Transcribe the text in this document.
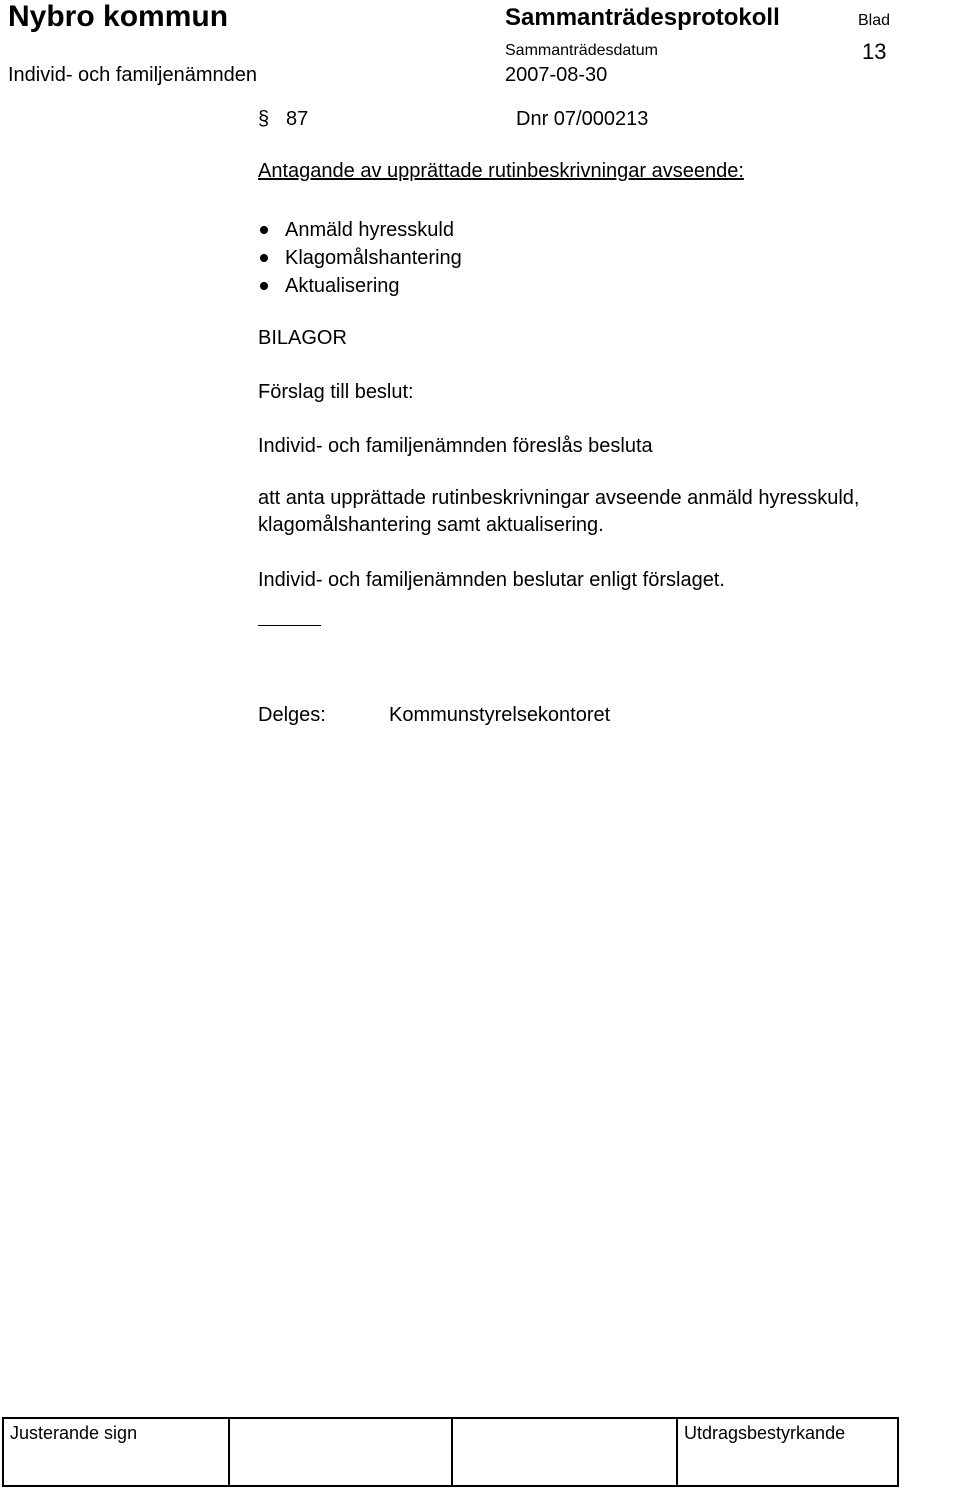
Nybro kommun	Sammanträdesprotokoll	Blad
13
Sammanträdesdatum
Individ- och familjenämnden	2007-08-30
§ 87	Dnr 07/000213
Antagande av upprättade rutinbeskrivningar avseende:
Anmäld hyresskuld
Klagomålshantering
Aktualisering
BILAGOR
Förslag till beslut:
Individ- och familjenämnden föreslås besluta
att anta upprättade rutinbeskrivningar avseende anmäld hyresskuld,
klagomålshantering samt aktualisering.
Individ- och familjenämnden beslutar enligt förslaget.
Delges:	Kommunstyrelsekontoret
Justerande sign	Utdragsbestyrkande
